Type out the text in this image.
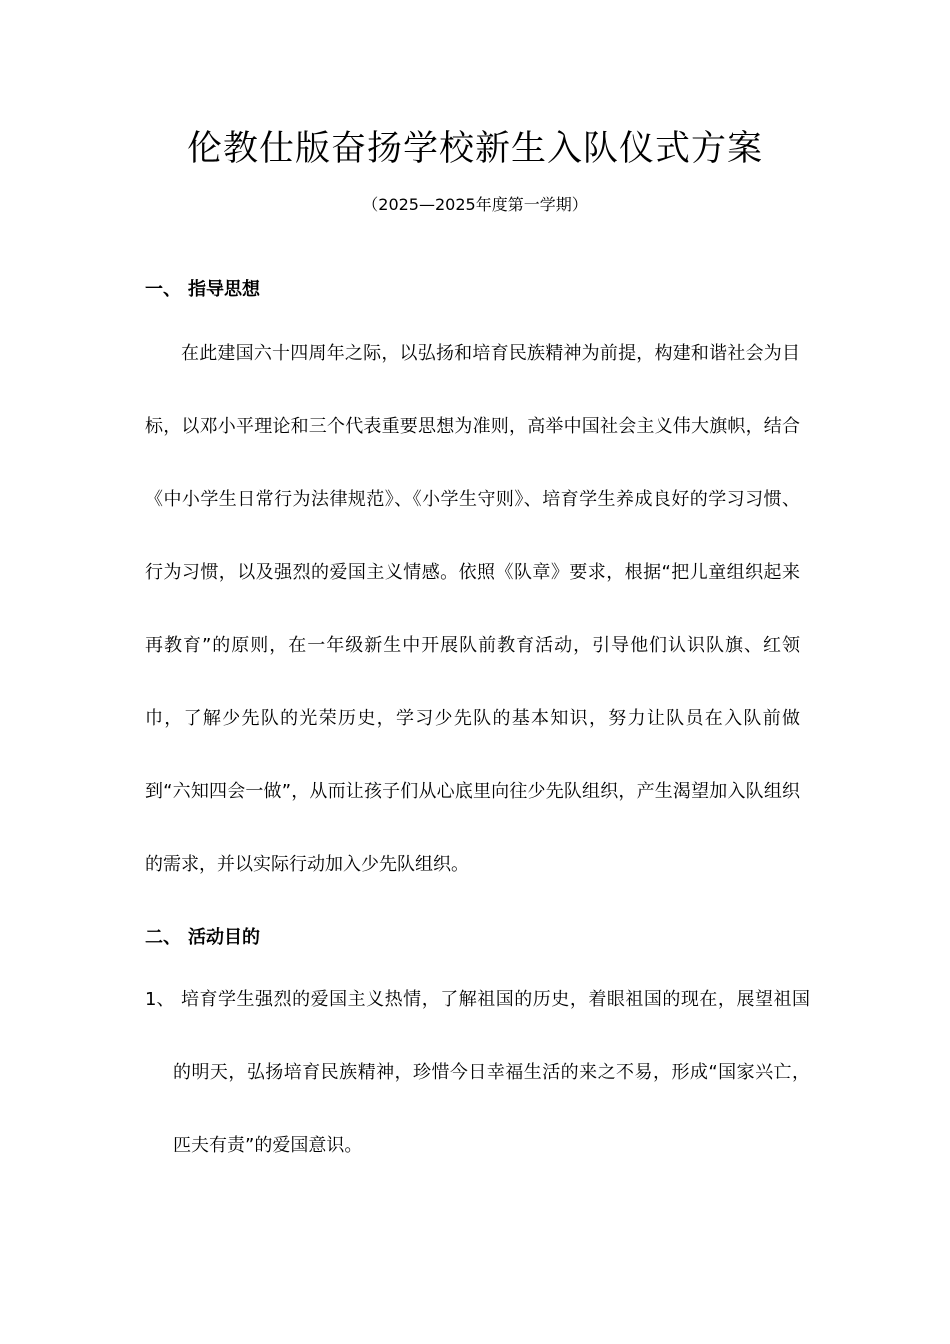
伦教仕版奋扬学校新生入队仪式方案
（2025—2025年度第一学期）
一、 指导思想

在此建国六十四周年之际，以弘扬和培育民族精神为前提，构建和谐社会为目标，以邓小平理论和三个代表重要思想为准则，高举中国社会主义伟大旗帜，结合《中小学生日常行为法律规范》、《小学生守则》、培育学生养成良好的学习习惯、行为习惯，以及强烈的爱国主义情感。依照《队章》要求，根据“把儿童组织起来再教育”的原则，在一年级新生中开展队前教育活动，引导他们认识队旗、红领巾，了解少先队的光荣历史，学习少先队的基本知识，努力让队员在入队前做到“六知四会一做”，从而让孩子们从心底里向往少先队组织，产生渴望加入队组织的需求，并以实际行动加入少先队组织。

二、 活动目的
1、 培育学生强烈的爱国主义热情，了解祖国的历史，着眼祖国的现在，展望祖国的明天，弘扬培育民族精神，珍惜今日幸福生活的来之不易，形成“国家兴亡，匹夫有责”的爱国意识。
